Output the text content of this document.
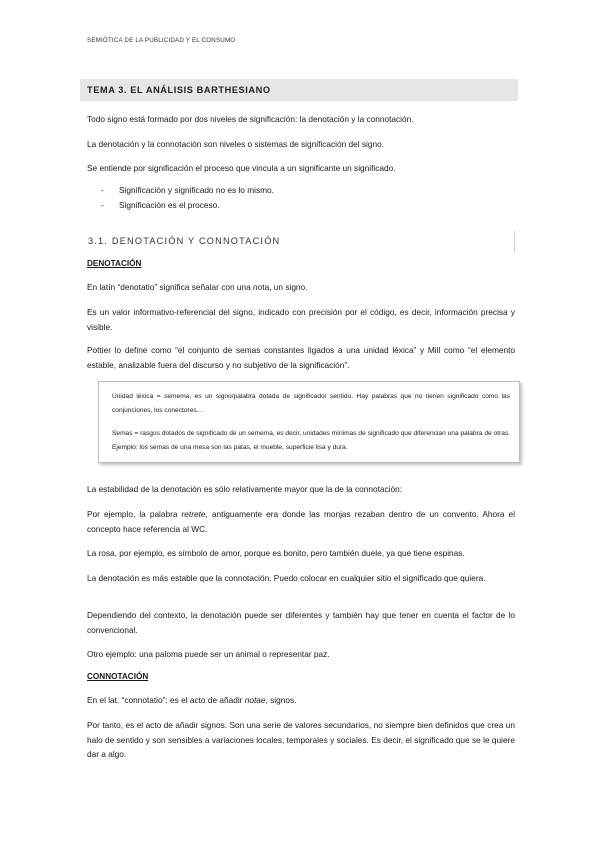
SEMIÓTICA DE LA PUBLICIDAD Y EL CONSUMO
TEMA 3. EL ANÁLISIS BARTHESIANO
Todo signo está formado por dos niveles de significación: la denotación y la connotación.
La denotación y la connotación son niveles o sistemas de significación del signo.
Se entiende por significación el proceso que vincula a un significante un significado.
- Significación y significado no es lo mismo.
- Significación es el proceso.
3.1. DENOTACIÓN Y CONNOTACIÓN
DENOTACIÓN
En latín “denotatio” significa señalar con una nota, un signo.
Es un valor informativo-referencial del signo, indicado con precisión por el código, es decir, información precisa y visible.
Pottier lo define como “el conjunto de semas constantes ligados a una unidad léxica” y Mill como “el elemento estable, analizable fuera del discurso y no subjetivo de la significación”.
Unidad léxica = semema, es un signo/palabra dotada de significado/ sentido. Hay palabras que no tienen significado como las conjunciones, los conectores…
Semas = rasgos dotados de significado de un semema, es decir, unidades mínimas de significado que diferencian una palabra de otras. Ejemplo: los semas de una mesa son las patas, el mueble, superficie lisa y dura.
La estabilidad de la denotación es sólo relativamente mayor que la de la connotación:
Por ejemplo, la palabra retrete, antiguamente era donde las monjas rezaban dentro de un convento. Ahora el concepto hace referencia al WC.
La rosa, por ejemplo, es símbolo de amor, porque es bonito, pero también duele, ya que tiene espinas.
La denotación es más estable que la connotación. Puedo colocar en cualquier sitio el significado que quiera.
Dependiendo del contexto, la denotación puede ser diferentes y también hay que tener en cuenta el factor de lo convencional.
Otro ejemplo: una paloma puede ser un animal o representar paz.
CONNOTACIÓN
En el lat. “connotatio”: es el acto de añadir notae, signos.
Por tanto, es el acto de añadir signos. Son una serie de valores secundarios, no siempre bien definidos que crea un halo de sentido y son sensibles a variaciones locales, temporales y sociales. Es decir, el significado que se le quiere dar a algo.
